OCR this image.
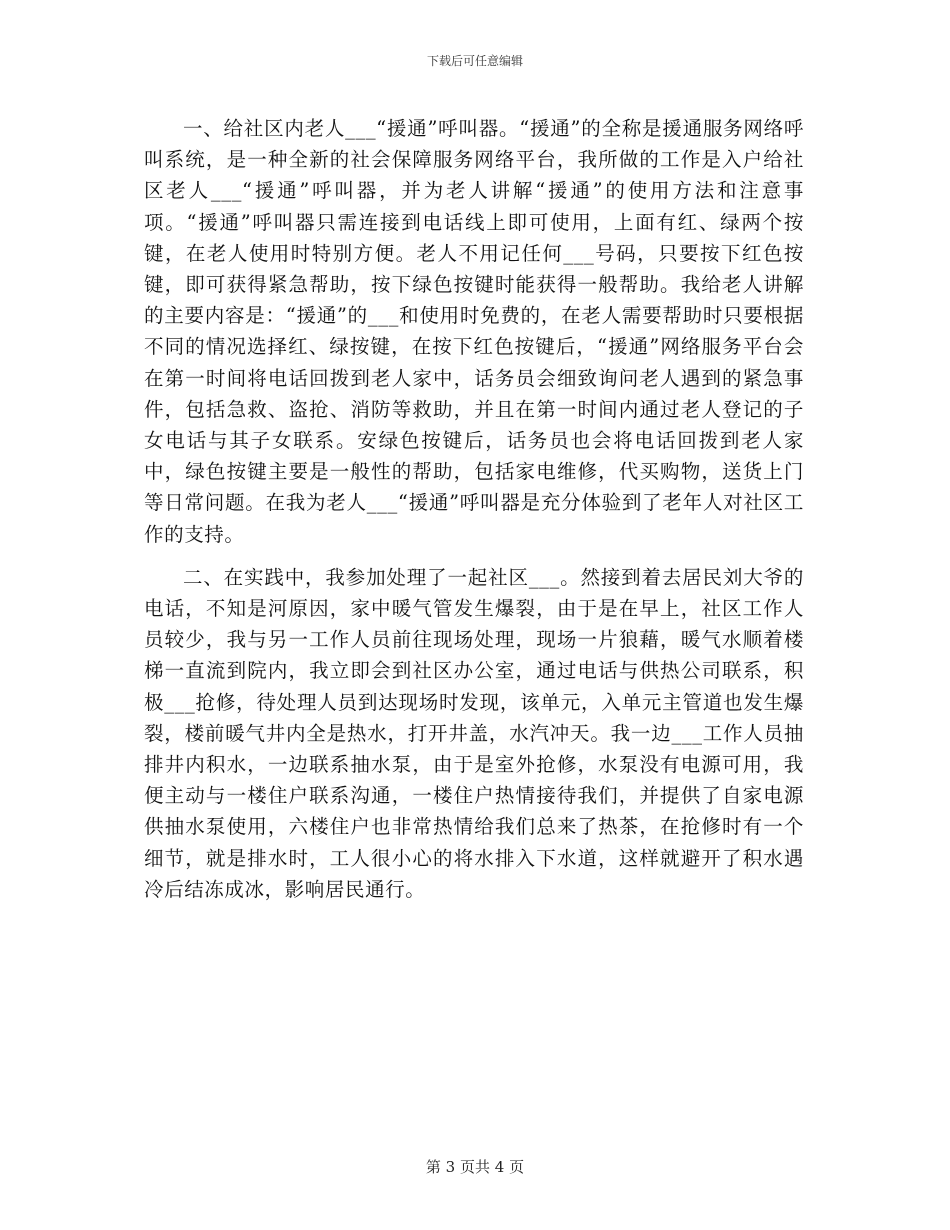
下载后可任意编辑

一、给社区内老人___“援通”呼叫器。“援通”的全称是援通服务网络呼叫系统，是一种全新的社会保障服务网络平台，我所做的工作是入户给社区老人___“援通”呼叫器，并为老人讲解“援通”的使用方法和注意事项。“援通”呼叫器只需连接到电话线上即可使用，上面有红、绿两个按键，在老人使用时特别方便。老人不用记任何___号码，只要按下红色按键，即可获得紧急帮助，按下绿色按键时能获得一般帮助。我给老人讲解的主要内容是：“援通”的___和使用时免费的，在老人需要帮助时只要根据不同的情况选择红、绿按键，在按下红色按键后，“援通”网络服务平台会在第一时间将电话回拨到老人家中，话务员会细致询问老人遇到的紧急事件，包括急救、盗抢、消防等救助，并且在第一时间内通过老人登记的子女电话与其子女联系。安绿色按键后，话务员也会将电话回拨到老人家中，绿色按键主要是一般性的帮助，包括家电维修，代买购物，送货上门等日常问题。在我为老人___“援通”呼叫器是充分体验到了老年人对社区工作的支持。

二、在实践中，我参加处理了一起社区___。然接到着去居民刘大爷的电话，不知是河原因，家中暖气管发生爆裂，由于是在早上，社区工作人员较少，我与另一工作人员前往现场处理，现场一片狼藉，暖气水顺着楼梯一直流到院内，我立即会到社区办公室，通过电话与供热公司联系，积极___抢修，待处理人员到达现场时发现，该单元，入单元主管道也发生爆裂，楼前暖气井内全是热水，打开井盖，水汽冲天。我一边___工作人员抽排井内积水，一边联系抽水泵，由于是室外抢修，水泵没有电源可用，我便主动与一楼住户联系沟通，一楼住户热情接待我们，并提供了自家电源供抽水泵使用，六楼住户也非常热情给我们总来了热茶，在抢修时有一个细节，就是排水时，工人很小心的将水排入下水道，这样就避开了积水遇冷后结冻成冰，影响居民通行。

第 3 页共 4 页
